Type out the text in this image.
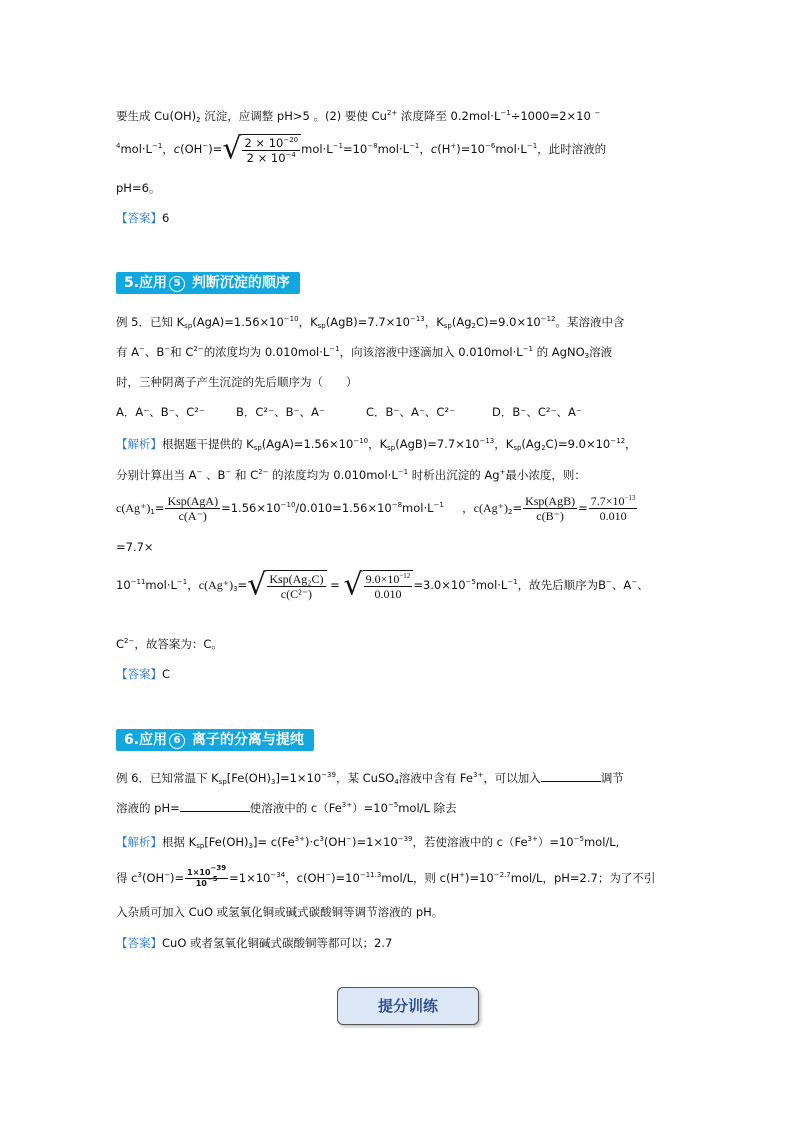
要生成 $Cu(OH)_2$ 沉淀，应调整 pH>5 。(2) 要使 $Cu^{2+}$ 浓度降至 $0.2mol\cdot L^{-1}\div 1000=2\times 10$ −
$^4mol\cdot L^{-1}$，$c(OH^-)=√ \frac{2 \times 10^{-20}}{2 \times 10^{-4}} mol\cdot L^{-1}=10^{-8}mol\cdot L^{-1}$，$c(H^+)=10^{-6}mol\cdot L^{-1}$，此时溶液的
pH=6。
【答案】6
5.应用 5 判断沉淀的顺序
例 5．已知 $K_{sp}(AgA)=1.56\times 10^{-10}$，$K_{sp}(AgB)=7.7\times 10^{-13}$，$K_{sp}(Ag_2C)=9.0\times 10^{-12}$。某溶液中含
有 A−、B−和 $C^{2-}$的浓度均为 $0.010mol\cdot L^{-1}$，向该溶液中逐滴加入 $0.010mol\cdot L^{-1}$ 的 AgNO$_3$溶液
时，三种阴离子产生沉淀的先后顺序为（　　）
A．A⁻、B⁻、C²⁻	B．C²⁻、B⁻、A⁻	C．B⁻、A⁻、C²⁻	D．B⁻、C²⁻、A⁻
【解析】根据题干提供的 $K_{sp}(AgA)=1.56\times 10^{-10}$，$K_{sp}(AgB)=7.7\times 10^{-13}$，$K_{sp}(Ag_2C)=9.0\times 10^{-12}$，
分别计算出当 A− 、B− 和 $C^{2-}$ 的浓度均为 $0.010mol\cdot L^{-1}$ 时析出沉淀的 Ag+最小浓度，则：
$c(Ag^+)_1= \frac{\text{Ksp(AgA)}}{c(A^-)} =1.56\times 10^{-10}/0.010=1.56\times 10^{-8}mol\cdot L^{-1}$     ，$c(Ag^+)_2= \frac{\text{Ksp(AgB)}}{c(B^-)} = \frac{7.7\times 10^{-13}}{0.010}$
=7.7×
$10^{-11}mol\cdot L^{-1}$，$c(Ag^+)_3=√ \frac{\text{Ksp(Ag₂C)}}{\text{c(C²⁻)}}$ = √ $\frac{9.0\times 10^{-12}}{0.010} =3.0\times 10^{-5}mol\cdot L^{-1}$，故先后顺序为B−、A−、
$C^{2-}$，故答案为：C。
【答案】C
6.应用 6 离子的分离与提纯
例 6．已知常温下 $K_{sp}[Fe(OH)_3]=1\times 10^{-39}$，某 CuSO$_4$溶液中含有 $Fe^{3+}$，可以加入	调节
溶液的 pH=	使溶液中的 $c(Fe^{3+})=10^{-5}mol/L$ 除去
【解析】根据 $K_{sp}[Fe(OH)_3]= c(Fe^{3+})\cdot c^3(OH^-)=1\times 10^{-39}$，若使溶液中的 $c(Fe^{3+})=10^{-5}mol/L$,
得 $c^3(OH^-)= \frac{1\times 10^{-39}}{10^{-5}} =1\times 10^{-34}$，$c(OH^-)=10^{-11.3}mol/L$，则 $c(H^+)=10^{-2.7}mol/L$，pH=2.7；为了不引
入杂质可加入 CuO 或氢氧化铜或碱式碳酸铜等调节溶液的 pH。
【答案】CuO 或者氢氧化铜碱式碳酸铜等都可以；2.7
提分训练
